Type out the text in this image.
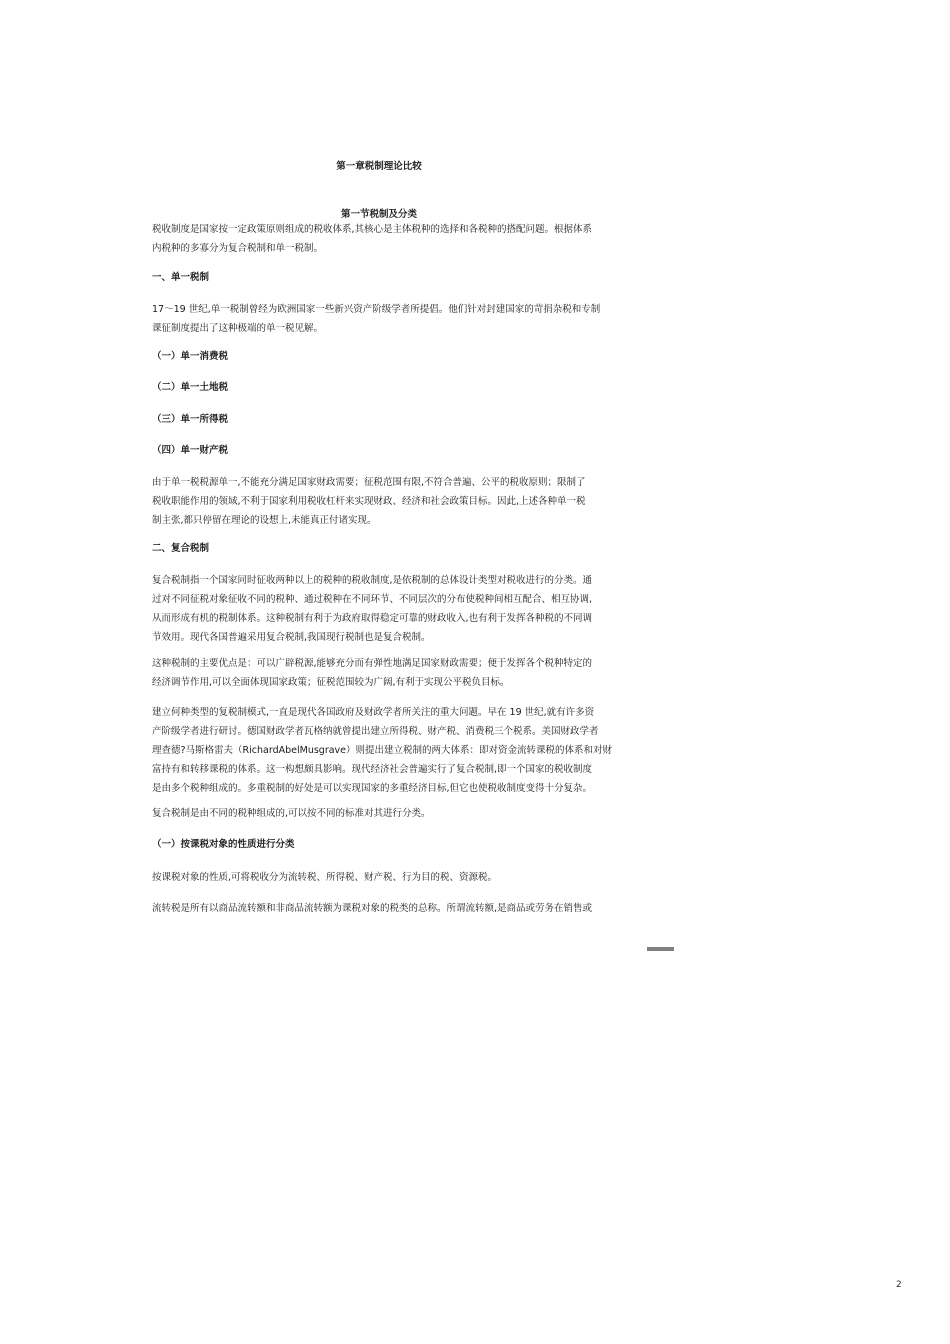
第一章税制理论比较
第一节税制及分类
税收制度是国家按一定政策原则组成的税收体系,其核心是主体税种的选择和各税种的搭配问题。根据体系
内税种的多寡分为复合税制和单一税制。
一、单一税制
17～19 世纪,单一税制曾经为欧洲国家一些新兴资产阶级学者所提倡。他们针对封建国家的苛捐杂税和专制
课征制度提出了这种极端的单一税见解。
（一）单一消费税
（二）单一土地税
（三）单一所得税
（四）单一财产税
由于单一税税源单一,不能充分满足国家财政需要；征税范围有限,不符合普遍、公平的税收原则；限制了
税收职能作用的领域,不利于国家利用税收杠杆来实现财政、经济和社会政策目标。因此,上述各种单一税
制主张,都只停留在理论的设想上,未能真正付诸实现。
二、复合税制
复合税制指一个国家同时征收两种以上的税种的税收制度,是依税制的总体设计类型对税收进行的分类。通
过对不同征税对象征收不同的税种、通过税种在不同环节、不同层次的分布使税种间相互配合、相互协调,
从而形成有机的税制体系。这种税制有利于为政府取得稳定可靠的财政收入,也有利于发挥各种税的不同调
节效用。现代各国普遍采用复合税制,我国现行税制也是复合税制。
这种税制的主要优点是：可以广辟税源,能够充分而有弹性地满足国家财政需要；便于发挥各个税种特定的
经济调节作用,可以全面体现国家政策；征税范围较为广阔,有利于实现公平税负目标。
建立何种类型的复税制模式,一直是现代各国政府及财政学者所关注的重大问题。早在 19 世纪,就有许多资
产阶级学者进行研讨。德国财政学者瓦格纳就曾提出建立所得税、财产税、消费税三个税系。美国财政学者
理查德?马斯格雷夫（RichardAbelMusgrave）则提出建立税制的两大体系：即对资金流转课税的体系和对财
富持有和转移课税的体系。这一构想颇具影响。现代经济社会普遍实行了复合税制,即一个国家的税收制度
是由多个税种组成的。多重税制的好处是可以实现国家的多重经济目标,但它也使税收制度变得十分复杂。
复合税制是由不同的税种组成的,可以按不同的标准对其进行分类。
（一）按课税对象的性质进行分类
按课税对象的性质,可将税收分为流转税、所得税、财产税、行为目的税、资源税。
流转税是所有以商品流转额和非商品流转额为课税对象的税类的总称。所谓流转额,是商品或劳务在销售或
2
